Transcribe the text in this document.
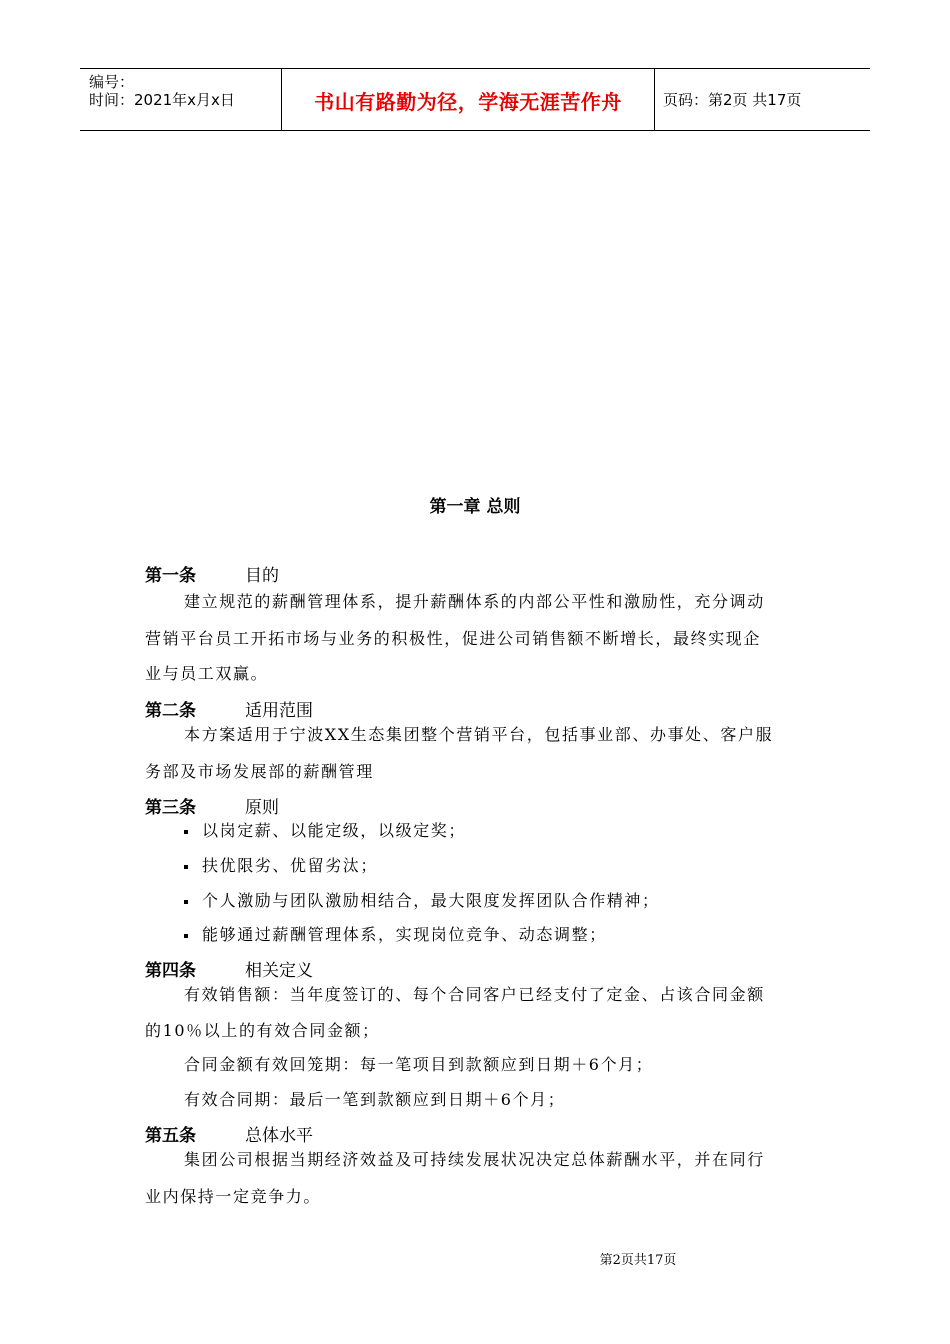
编号：
时间：2021年x月x日	书山有路勤为径，学海无涯苦作舟	页码：第2页 共17页
第一章 总则
第一条	目的
建立规范的薪酬管理体系，提升薪酬体系的内部公平性和激励性，充分调动
营销平台员工开拓市场与业务的积极性，促进公司销售额不断增长，最终实现企
业与员工双赢。
第二条	适用范围
本方案适用于宁波XX生态集团整个营销平台，包括事业部、办事处、客户服
务部及市场发展部的薪酬管理
第三条	原则
以岗定薪、以能定级，以级定奖；
扶优限劣、优留劣汰；
个人激励与团队激励相结合，最大限度发挥团队合作精神；
能够通过薪酬管理体系，实现岗位竞争、动态调整；
第四条	相关定义
有效销售额：当年度签订的、每个合同客户已经支付了定金、占该合同金额
的10％以上的有效合同金额；
合同金额有效回笼期：每一笔项目到款额应到日期＋6个月；
有效合同期：最后一笔到款额应到日期＋6个月；
第五条	总体水平
集团公司根据当期经济效益及可持续发展状况决定总体薪酬水平，并在同行
业内保持一定竞争力。
第2页共17页
